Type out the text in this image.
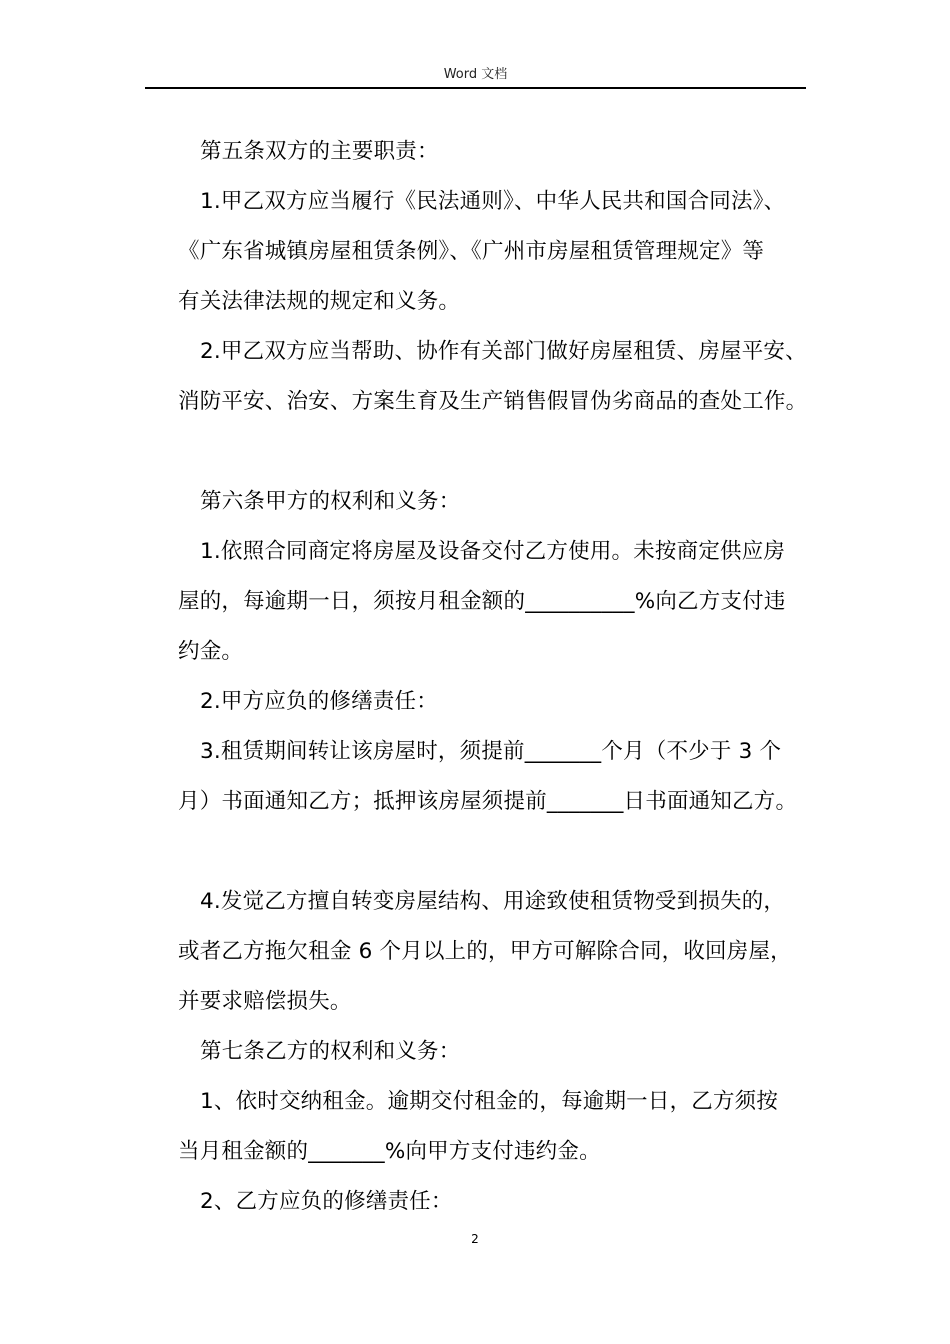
Word 文档

第五条双方的主要职责：

1.甲乙双方应当履行《民法通则》、中华人民共和国合同法》、
《广东省城镇房屋租赁条例》、《广州市房屋租赁管理规定》等
有关法律法规的规定和义务。

2.甲乙双方应当帮助、协作有关部门做好房屋租赁、房屋平安、
消防平安、治安、方案生育及生产销售假冒伪劣商品的查处工作。

第六条甲方的权利和义务：

1.依照合同商定将房屋及设备交付乙方使用。未按商定供应房
屋的，每逾期一日，须按月租金额的__________%向乙方支付违
约金。

2.甲方应负的修缮责任：

3.租赁期间转让该房屋时，须提前_______个月（不少于 3 个
月）书面通知乙方；抵押该房屋须提前_______日书面通知乙方。

4.发觉乙方擅自转变房屋结构、用途致使租赁物受到损失的，
或者乙方拖欠租金 6 个月以上的，甲方可解除合同，收回房屋，
并要求赔偿损失。

第七条乙方的权利和义务：

1、依时交纳租金。逾期交付租金的，每逾期一日，乙方须按
当月租金额的_______%向甲方支付违约金。

2、乙方应负的修缮责任：

2
